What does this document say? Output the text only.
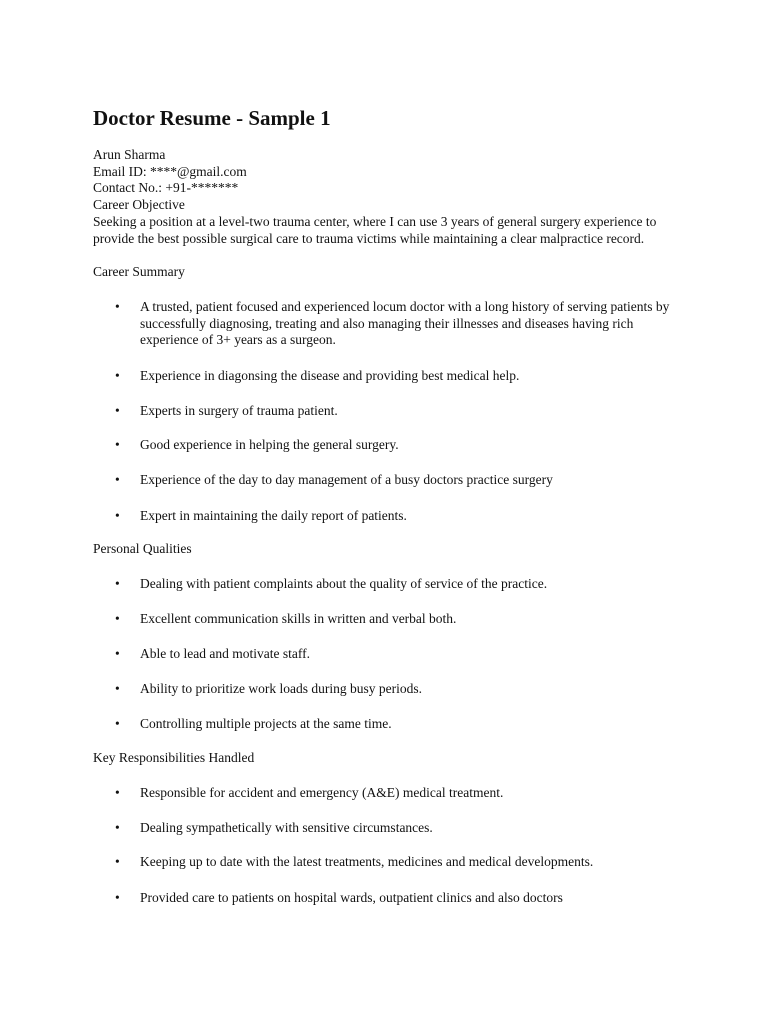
Doctor Resume - Sample 1
Arun Sharma
Email ID: ****@gmail.com
Contact No.: +91-*******
Career Objective
Seeking a position at a level-two trauma center, where I can use 3 years of general surgery experience to provide the best possible surgical care to trauma victims while maintaining a clear malpractice record.
Career Summary
• A trusted, patient focused and experienced locum doctor with a long history of serving patients by successfully diagnosing, treating and also managing their illnesses and diseases having rich experience of 3+ years as a surgeon.
• Experience in diagonsing the disease and providing best medical help.
• Experts in surgery of trauma patient.
• Good experience in helping the general surgery.
• Experience of the day to day management of a busy doctors practice surgery
• Expert in maintaining the daily report of patients.
Personal Qualities
• Dealing with patient complaints about the quality of service of the practice.
• Excellent communication skills in written and verbal both.
• Able to lead and motivate staff.
• Ability to prioritize work loads during busy periods.
• Controlling multiple projects at the same time.
Key Responsibilities Handled
• Responsible for accident and emergency (A&E) medical treatment.
• Dealing sympathetically with sensitive circumstances.
• Keeping up to date with the latest treatments, medicines and medical developments.
• Provided care to patients on hospital wards, outpatient clinics and also doctors
